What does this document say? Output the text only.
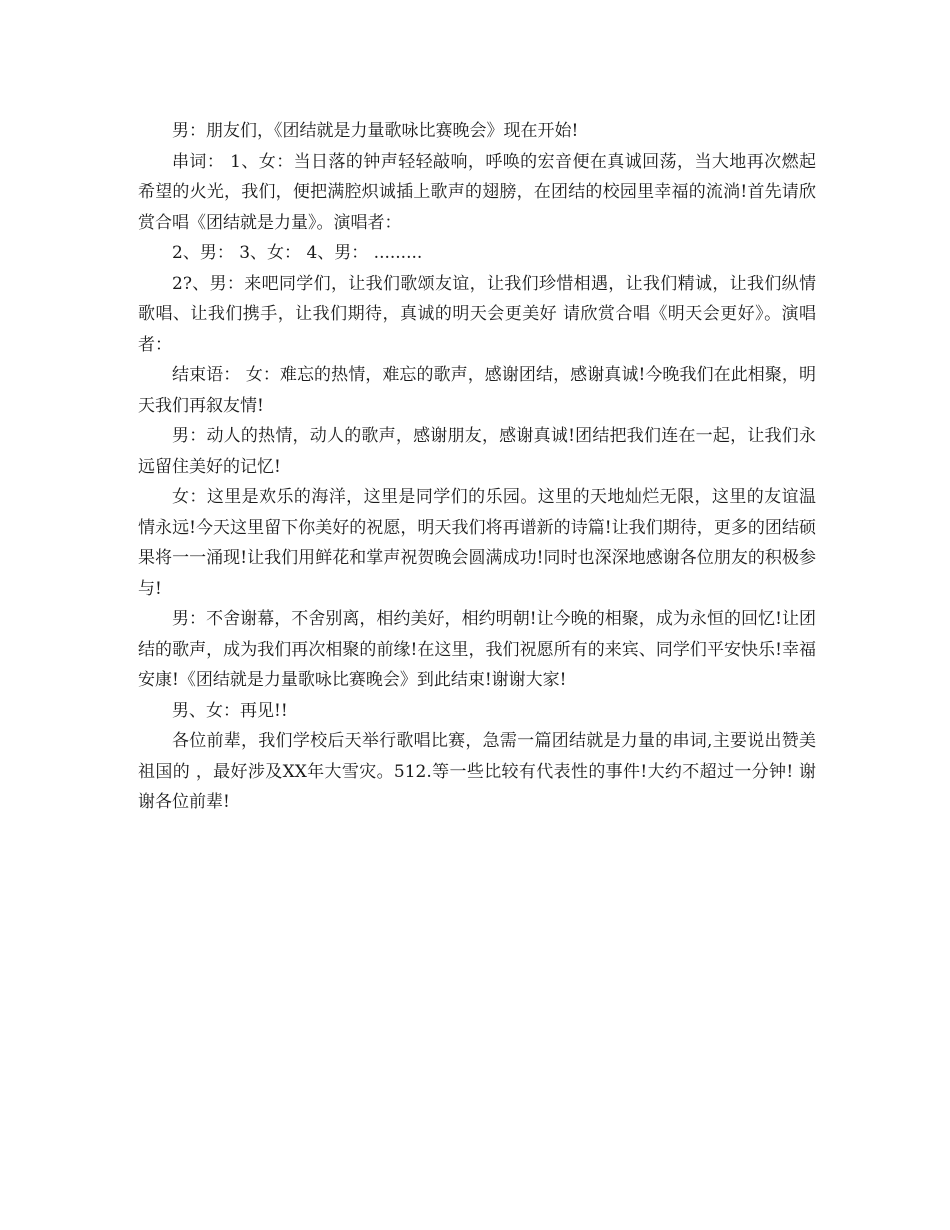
男：朋友们，《团结就是力量歌咏比赛晚会》现在开始!

串词： 1、女：当日落的钟声轻轻敲响，呼唤的宏音便在真诚回荡，当大地再次燃起希望的火光，我们，便把满腔炽诚插上歌声的翅膀，在团结的校园里幸福的流淌!首先请欣赏合唱《团结就是力量》。演唱者：

2、男： 3、女： 4、男： .........

2?、男：来吧同学们，让我们歌颂友谊，让我们珍惜相遇，让我们精诚，让我们纵情歌唱、让我们携手，让我们期待，真诚的明天会更美好 请欣赏合唱《明天会更好》。演唱者：

结束语： 女：难忘的热情，难忘的歌声，感谢团结，感谢真诚!今晚我们在此相聚，明天我们再叙友情!

男：动人的热情，动人的歌声，感谢朋友，感谢真诚!团结把我们连在一起，让我们永远留住美好的记忆!

女：这里是欢乐的海洋，这里是同学们的乐园。这里的天地灿烂无限，这里的友谊温情永远!今天这里留下你美好的祝愿，明天我们将再谱新的诗篇!让我们期待，更多的团结硕果将一一涌现!让我们用鲜花和掌声祝贺晚会圆满成功!同时也深深地感谢各位朋友的积极参与!

男：不舍谢幕，不舍别离，相约美好，相约明朝!让今晚的相聚，成为永恒的回忆!让团结的歌声，成为我们再次相聚的前缘!在这里，我们祝愿所有的来宾、同学们平安快乐!幸福安康!《团结就是力量歌咏比赛晚会》到此结束!谢谢大家!

男、女：再见!!

各位前辈，我们学校后天举行歌唱比赛，急需一篇团结就是力量的串词,主要说出赞美祖国的 ，最好涉及XX年大雪灾。512.等一些比较有代表性的事件!大约不超过一分钟! 谢谢各位前辈!
